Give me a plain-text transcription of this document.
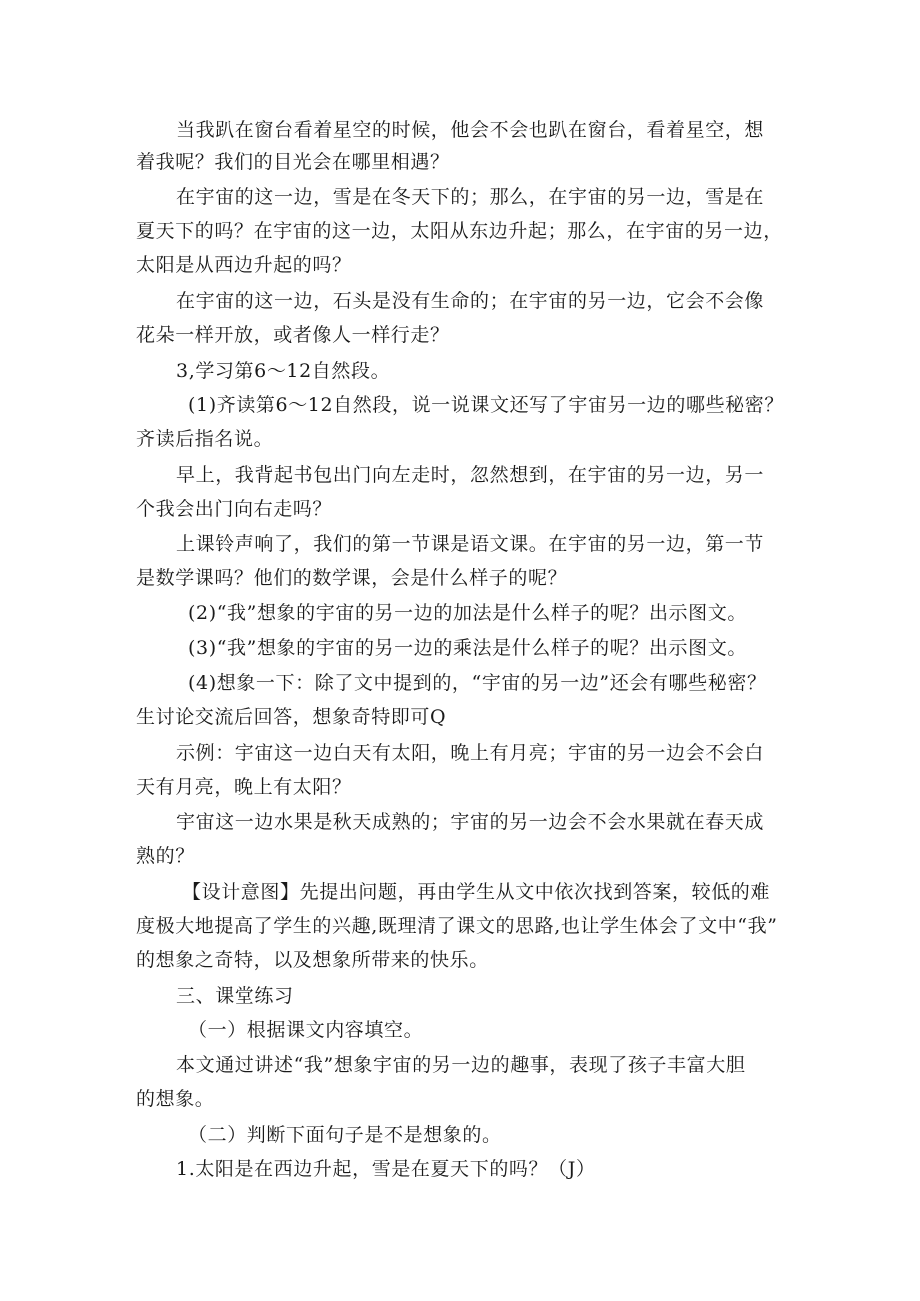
当我趴在窗台看着星空的时候，他会不会也趴在窗台，看着星空，想
着我呢？我们的目光会在哪里相遇？
在宇宙的这一边，雪是在冬天下的；那么，在宇宙的另一边，雪是在
夏天下的吗？在宇宙的这一边，太阳从东边升起；那么，在宇宙的另一边，
太阳是从西边升起的吗？
在宇宙的这一边，石头是没有生命的；在宇宙的另一边，它会不会像
花朵一样开放，或者像人一样行走？
3,学习第6～12自然段。
(1)齐读第6～12自然段，说一说课文还写了宇宙另一边的哪些秘密？
齐读后指名说。
早上，我背起书包出门向左走时，忽然想到，在宇宙的另一边，另一
个我会出门向右走吗？
上课铃声响了，我们的第一节课是语文课。在宇宙的另一边，第一节
是数学课吗？他们的数学课，会是什么样子的呢？
(2)“我”想象的宇宙的另一边的加法是什么样子的呢？出示图文。
(3)“我”想象的宇宙的另一边的乘法是什么样子的呢？出示图文。
(4)想象一下：除了文中提到的，“宇宙的另一边”还会有哪些秘密？
生讨论交流后回答，想象奇特即可Q
示例：宇宙这一边白天有太阳，晚上有月亮；宇宙的另一边会不会白
天有月亮，晚上有太阳？
宇宙这一边水果是秋天成熟的；宇宙的另一边会不会水果就在春天成
熟的？
【设计意图】先提出问题，再由学生从文中依次找到答案，较低的难
度极大地提高了学生的兴趣,既理清了课文的思路,也让学生体会了文中“我”
的想象之奇特，以及想象所带来的快乐。
三、课堂练习
（一）根据课文内容填空。
本文通过讲述“我”想象宇宙的另一边的趣事，表现了孩子丰富大胆
的想象。
（二）判断下面句子是不是想象的。
1.太阳是在西边升起，雪是在夏天下的吗？（J）
